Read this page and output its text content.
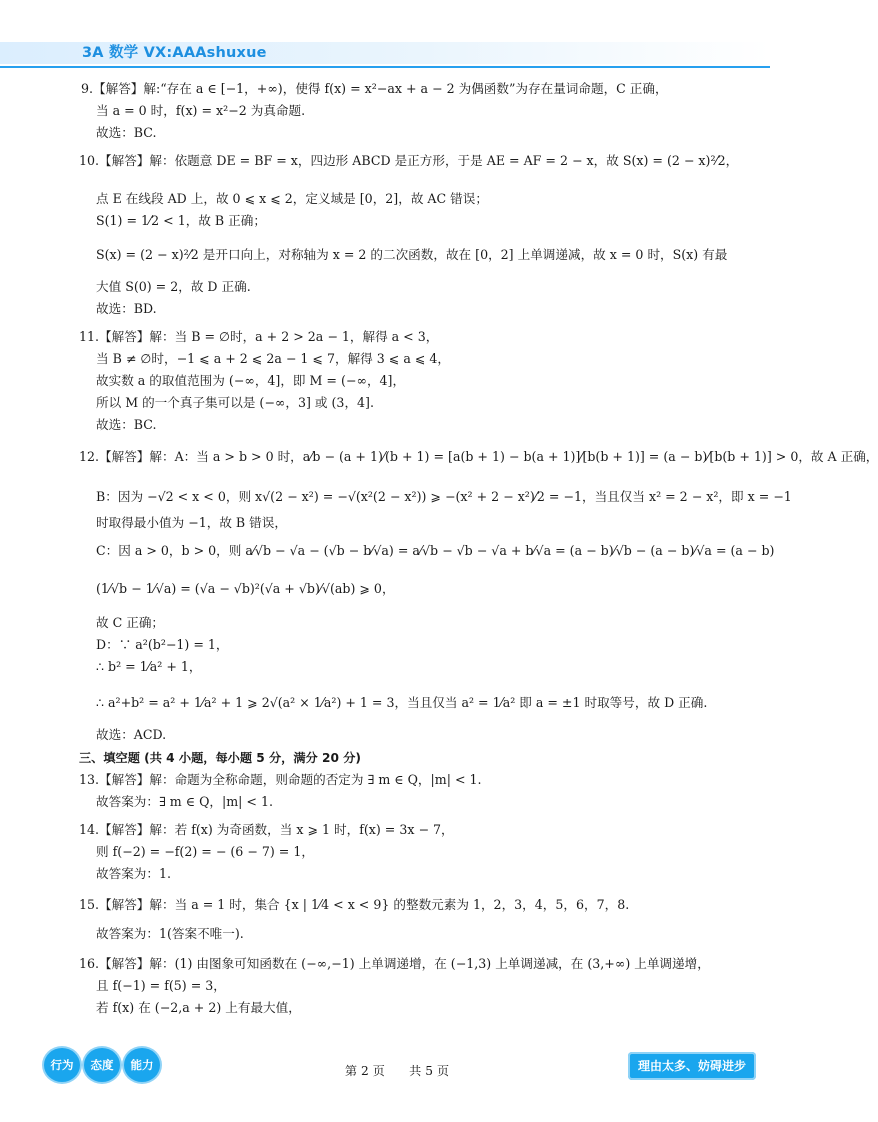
3A 数学 VX:AAAshuxue
9.【解答】解:“存在 a ∈ [−1，+∞)，使得 f(x) = x²−ax + a − 2 为偶函数”为存在量词命题，C 正确，
当 a = 0 时，f(x) = x²−2 为真命题.
故选：BC.
10.【解答】解：依题意 DE = BF = x，四边形 ABCD 是正方形，于是 AE = AF = 2 − x，故 S(x) = (2 − x)²⁄2，
点 E 在线段 AD 上，故 0 ⩽ x ⩽ 2，定义域是 [0，2]，故 AC 错误；
S(1) = 1⁄2 < 1，故 B 正确；
S(x) = (2 − x)²⁄2 是开口向上，对称轴为 x = 2 的二次函数，故在 [0，2] 上单调递减，故 x = 0 时，S(x) 有最
大值 S(0) = 2，故 D 正确.
故选：BD.
11.【解答】解：当 B = ∅时，a + 2 > 2a − 1，解得 a < 3，
当 B ≠ ∅时，−1 ⩽ a + 2 ⩽ 2a − 1 ⩽ 7，解得 3 ⩽ a ⩽ 4，
故实数 a 的取值范围为 (−∞，4]，即 M = (−∞，4]，
所以 M 的一个真子集可以是 (−∞，3] 或 (3，4].
故选：BC.
12.【解答】解：A：当 a > b > 0 时，a⁄b − (a + 1)⁄(b + 1) = [a(b + 1) − b(a + 1)]⁄[b(b + 1)] = (a − b)⁄[b(b + 1)] > 0，故 A 正确，
B：因为 −√2 < x < 0，则 x√(2 − x²) = −√(x²(2 − x²)) ⩾ −(x² + 2 − x²)⁄2 = −1，当且仅当 x² = 2 − x²，即 x = −1
时取得最小值为 −1，故 B 错误，
C：因 a > 0，b > 0，则 a⁄√b − √a − (√b − b⁄√a) = a⁄√b − √b − √a + b⁄√a = (a − b)⁄√b − (a − b)⁄√a = (a − b)
(1⁄√b − 1⁄√a) = (√a − √b)²(√a + √b)⁄√(ab) ⩾ 0，
故 C 正确；
D：∵ a²(b²−1) = 1，
∴ b² = 1⁄a² + 1，
∴ a²+b² = a² + 1⁄a² + 1 ⩾ 2√(a² × 1⁄a²) + 1 = 3，当且仅当 a² = 1⁄a² 即 a = ±1 时取等号，故 D 正确.
故选：ACD.
三、填空题 (共 4 小题，每小题 5 分，满分 20 分)
13.【解答】解：命题为全称命题，则命题的否定为 ∃ m ∈ Q，|m| < 1.
故答案为：∃ m ∈ Q，|m| < 1.
14.【解答】解：若 f(x) 为奇函数，当 x ⩾ 1 时，f(x) = 3x − 7，
则 f(−2) = −f(2) = − (6 − 7) = 1，
故答案为：1.
15.【解答】解：当 a = 1 时，集合 {x | 1⁄4 < x < 9} 的整数元素为 1，2，3，4，5，6，7，8.
故答案为：1(答案不唯一).
16.【解答】解：(1) 由图象可知函数在 (−∞,−1) 上单调递增，在 (−1,3) 上单调递减，在 (3,+∞) 上单调递增，
且 f(−1) = f(5) = 3，
若 f(x) 在 (−2,a + 2) 上有最大值，
行为	态度	能力	第 2 页　　共 5 页	理由太多、妨碍进步
